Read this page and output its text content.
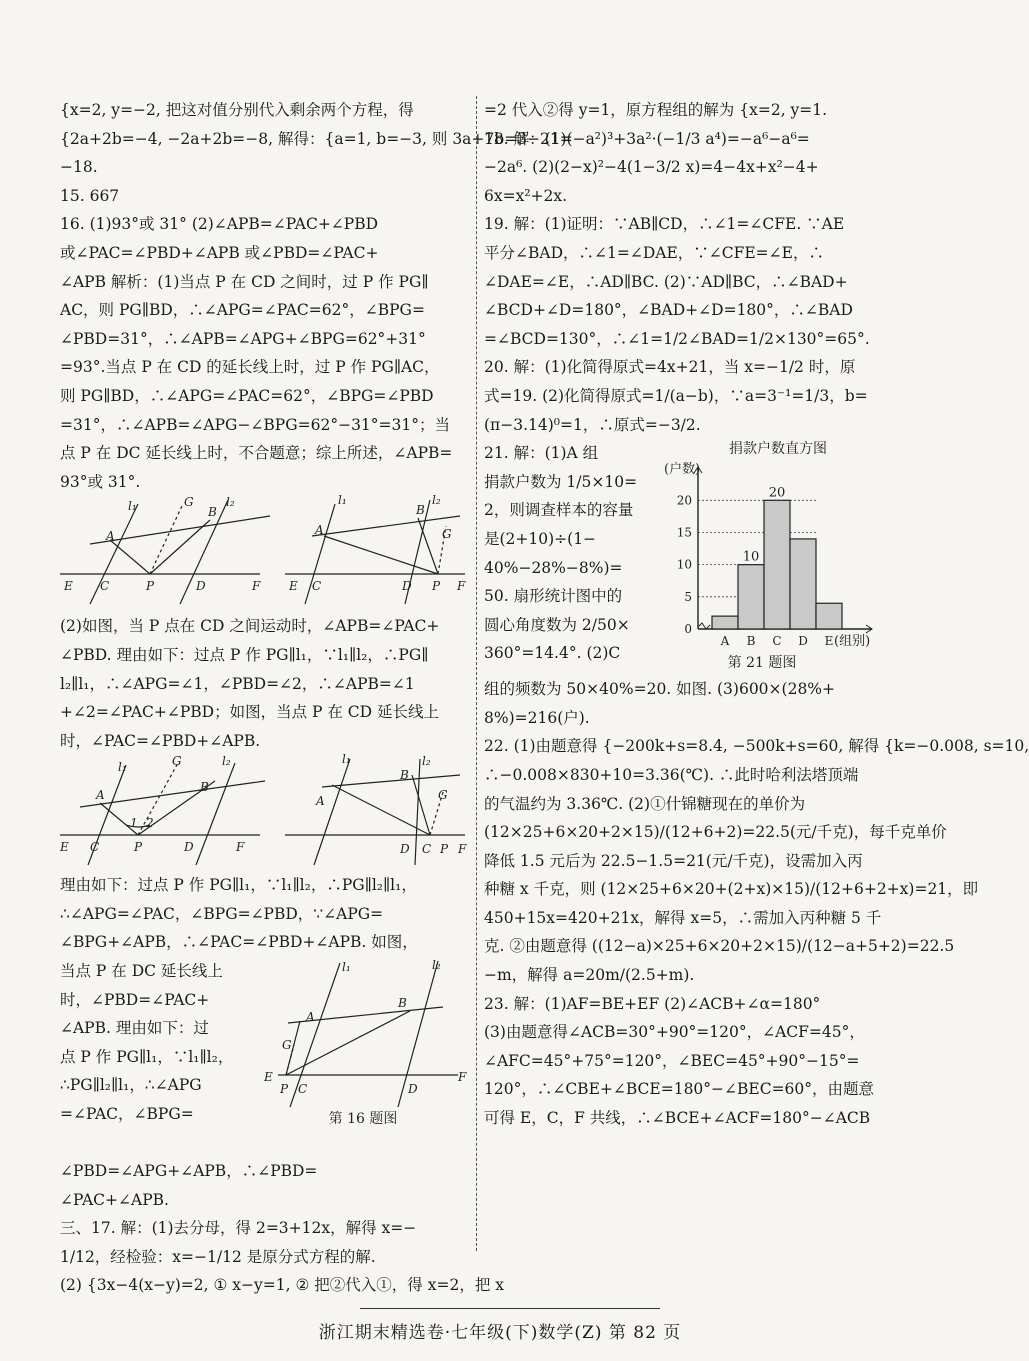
{x=2, y=−2, 把这对值分别代入剩余两个方程，得
{2a+2b=−4, −2a+2b=−8, 解得：{a=1, b=−3, 则 3a+7b=3−21=
−18.
15. 667
16. (1)93°或 31° (2)∠APB=∠PAC+∠PBD
或∠PAC=∠PBD+∠APB 或∠PBD=∠PAC+
∠APB 解析：(1)当点 P 在 CD 之间时，过 P 作 PG∥
AC，则 PG∥BD，∴∠APG=∠PAC=62°，∠BPG=
∠PBD=31°，∴∠APB=∠APG+∠BPG=62°+31°
=93°.当点 P 在 CD 的延长线上时，过 P 作 PG∥AC，
则 PG∥BD，∴∠APG=∠PAC=62°，∠BPG=∠PBD
=31°，∴∠APB=∠APG−∠BPG=62°−31°=31°；当
点 P 在 DC 延长线上时，不合题意；综上所述，∠APB=
93°或 31°.
E C	P	D	F
A
B
G
l₁	l₂
E C	D P F
A
B
G
l₁	l₂
(2)如图，当 P 点在 CD 之间运动时，∠APB=∠PAC+
∠PBD. 理由如下：过点 P 作 PG∥l₁，∵l₁∥l₂，∴PG∥
l₂∥l₁，∴∠APG=∠1，∠PBD=∠2，∴∠APB=∠1
+∠2=∠PAC+∠PBD；如图，当点 P 在 CD 延长线上
时，∠PAC=∠PBD+∠APB.
E C	P	D	F
A
B
G
1 2
l₁	l₂
A
B
G
l₁	l₂
D C P F
理由如下：过点 P 作 PG∥l₁，∵l₁∥l₂，∴PG∥l₂∥l₁，
∴∠APG=∠PAC，∠BPG=∠PBD，∵∠APG=
∠BPG+∠APB，∴∠PAC=∠PBD+∠APB. 如图，
当点 P 在 DC 延长线上
时，∠PBD=∠PAC+
∠APB. 理由如下：过
点 P 作 PG∥l₁，∵l₁∥l₂，
∴PG∥l₂∥l₁，∴∠APG
=∠PAC，∠BPG=
E
P C	D
F
A
B
G
l₁	l₂
第 16 题图
∠PBD=∠APG+∠APB，∴∠PBD=
∠PAC+∠APB.
三、17. 解：(1)去分母，得 2=3+12x，解得 x=−
1/12，经检验：x=−1/12 是原分式方程的解.
(2) {3x−4(x−y)=2, ① x−y=1, ② 把②代入①，得 x=2，把 x
=2 代入②得 y=1，原方程组的解为 {x=2, y=1.
18. 解：(1)(−a²)³+3a²·(−1/3 a⁴)=−a⁶−a⁶=
−2a⁶. (2)(2−x)²−4(1−3/2 x)=4−4x+x²−4+
6x=x²+2x.
19. 解：(1)证明：∵AB∥CD，∴∠1=∠CFE. ∵AE
平分∠BAD，∴∠1=∠DAE，∵∠CFE=∠E，∴
∠DAE=∠E，∴AD∥BC. (2)∵AD∥BC，∴∠BAD+
∠BCD+∠D=180°，∠BAD+∠D=180°，∴∠BAD
=∠BCD=130°，∴∠1=1/2∠BAD=1/2×130°=65°.
20. 解：(1)化简得原式=4x+21，当 x=−1/2 时，原
式=19. (2)化简得原式=1/(a−b)，∵a=3⁻¹=1/3，b=
(π−3.14)⁰=1，∴原式=−3/2.
21. 解：(1)A 组
捐款户数为 1/5×10=
2，则调查样本的容量
是(2+10)÷(1−
40%−28%−8%)=
50. 扇形统计图中的
圆心角度数为 2/50×
360°=14.4°. (2)C
捐款户数直方图
(户数)
0
5
10
15
20
A B
10
C
20
D E (组别)
第 21 题图
组的频数为 50×40%=20. 如图. (3)600×(28%+
8%)=216(户).
22. (1)由题意得 {−200k+s=8.4, −500k+s=60, 解得 {k=−0.008, s=10,
∴−0.008×830+10=3.36(℃). ∴此时哈利法塔顶端
的气温约为 3.36℃. (2)①什锦糖现在的单价为
(12×25+6×20+2×15)/(12+6+2)=22.5(元/千克)，每千克单价
降低 1.5 元后为 22.5−1.5=21(元/千克)，设需加入丙
种糖 x 千克，则 (12×25+6×20+(2+x)×15)/(12+6+2+x)=21，即
450+15x=420+21x，解得 x=5，∴需加入丙种糖 5 千
克. ②由题意得 ((12−a)×25+6×20+2×15)/(12−a+5+2)=22.5
−m，解得 a=20m/(2.5+m).
23. 解：(1)AF=BE+EF (2)∠ACB+∠α=180°
(3)由题意得∠ACB=30°+90°=120°，∠ACF=45°，
∠AFC=45°+75°=120°，∠BEC=45°+90°−15°=
120°，∴∠CBE+∠BCE=180°−∠BEC=60°，由题意
可得 E，C，F 共线，∴∠BCE+∠ACF=180°−∠ACB
浙江期末精选卷·七年级(下)数学(Z) 第 82 页
